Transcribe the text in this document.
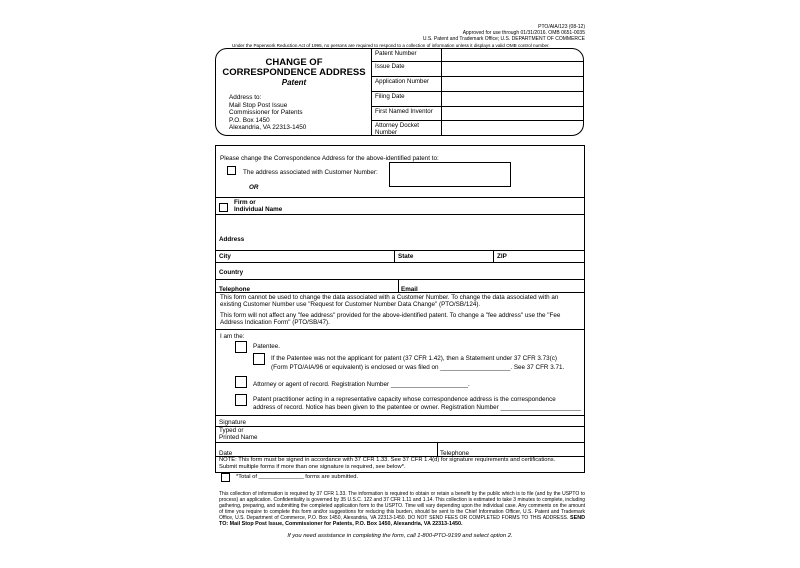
PTO/AIA/123 (08-12)
Approved for use through 01/31/2016. OMB 0651-0035
U.S. Patent and Trademark Office; U.S. DEPARTMENT OF COMMERCE
Under the Paperwork Reduction Act of 1995, no persons are required to respond to a collection of information unless it displays a valid OMB control number.
CHANGE OF
CORRESPONDENCE ADDRESS
Patent
Address to:
Mail Stop Post Issue
Commissioner for Patents
P.O. Box 1450
Alexandria, VA 22313-1450
Patent Number
Issue Date
Application Number
Filing Date
First Named Inventor
Attorney Docket Number
Please change the Correspondence Address for the above-identified patent to:
The address associated with Customer Number:
OR
Firm or
Individual Name
Address
City	State	ZIP
Country
Telephone	Email
This form cannot be used to change the data associated with a Customer Number. To change the data associated with an
existing Customer Number use "Request for Customer Number Data Change" (PTO/SB/124).
This form will not affect any "fee address" provided for the above-identified patent. To change a "fee address" use the "Fee
Address Indication Form" (PTO/SB/47).
I am the:
Patentee.
If the Patentee was not the applicant for patent (37 CFR 1.42), then a Statement under 37 CFR 3.73(c)
(Form PTO/AIA/96 or equivalent) is enclosed or was filed on ____________________. See 37 CFR 3.71.
Attorney or agent of record. Registration Number ______________________.
Patent practitioner acting in a representative capacity whose correspondence address is the correspondence
address of record. Notice has been given to the patentee or owner. Registration Number _______________________
Signature
Typed or
Printed Name
Date	Telephone
NOTE: This form must be signed in accordance with 37 CFR 1.33. See 37 CFR 1.4(d) for signature requirements and certifications.
Submit multiple forms if more than one signature is required, see below*.
*Total of ______________ forms are submitted.
This collection of information is required by 37 CFR 1.33. The information is required to obtain or retain a benefit by the public which is to file (and by the USPTO to process) an application. Confidentiality is governed by 35 U.S.C. 122 and 37 CFR 1.11 and 1.14. This collection is estimated to take 3 minutes to complete, including gathering, preparing, and submitting the completed application form to the USPTO. Time will vary depending upon the individual case. Any comments on the amount of time you require to complete this form and/or suggestions for reducing this burden, should be sent to the Chief Information Officer, U.S. Patent and Trademark Office, U.S. Department of Commerce, P.O. Box 1450, Alexandria, VA 22313-1450. DO NOT SEND FEES OR COMPLETED FORMS TO THIS ADDRESS. SEND TO: Mail Stop Post Issue, Commissioner for Patents, P.O. Box 1450, Alexandria, VA 22313-1450.
If you need assistance in completing the form, call 1-800-PTO-9199 and select option 2.
